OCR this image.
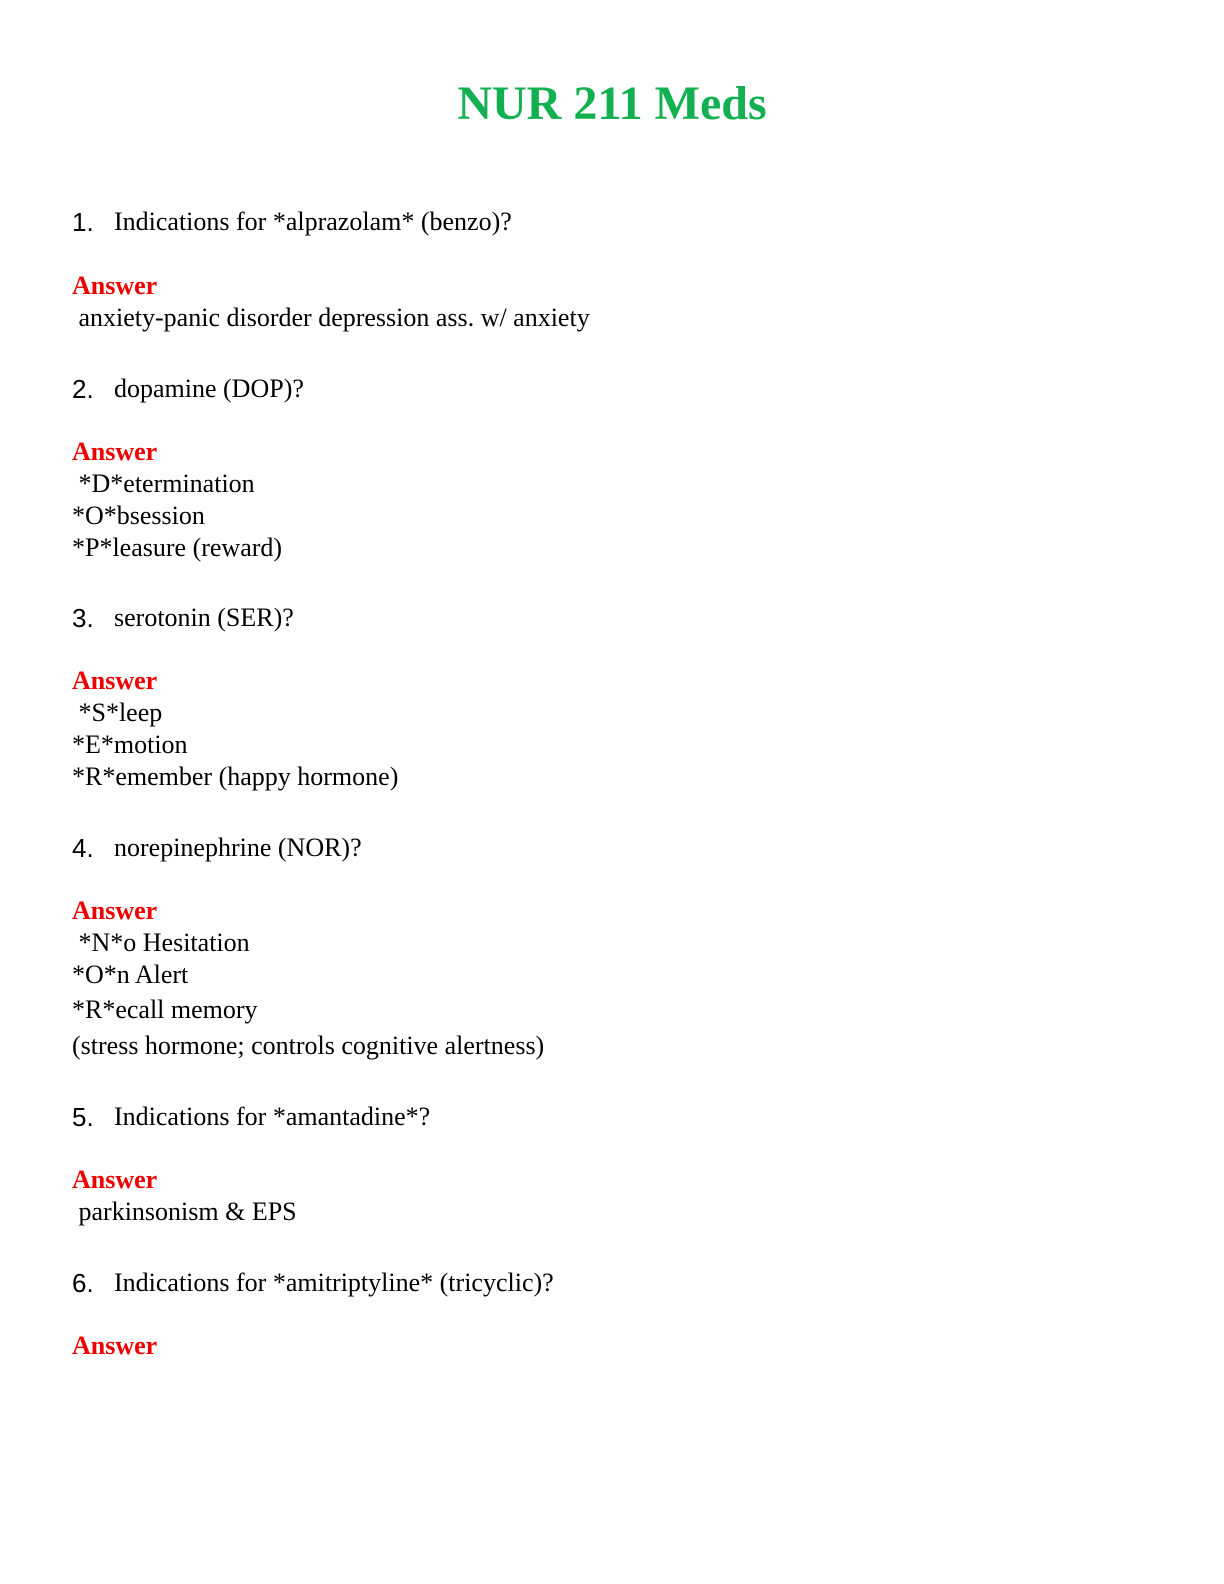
NUR 211 Meds
1. Indications for *alprazolam* (benzo)?
Answer
anxiety-panic disorder depression ass. w/ anxiety
2. dopamine (DOP)?
Answer
*D*etermination
*O*bsession
*P*leasure (reward)
3. serotonin (SER)?
Answer
*S*leep
*E*motion
*R*emember (happy hormone)
4. norepinephrine (NOR)?
Answer
*N*o Hesitation
*O*n Alert
*R*ecall memory
(stress hormone; controls cognitive alertness)
5. Indications for *amantadine*?
Answer
parkinsonism & EPS
6. Indications for *amitriptyline* (tricyclic)?
Answer
